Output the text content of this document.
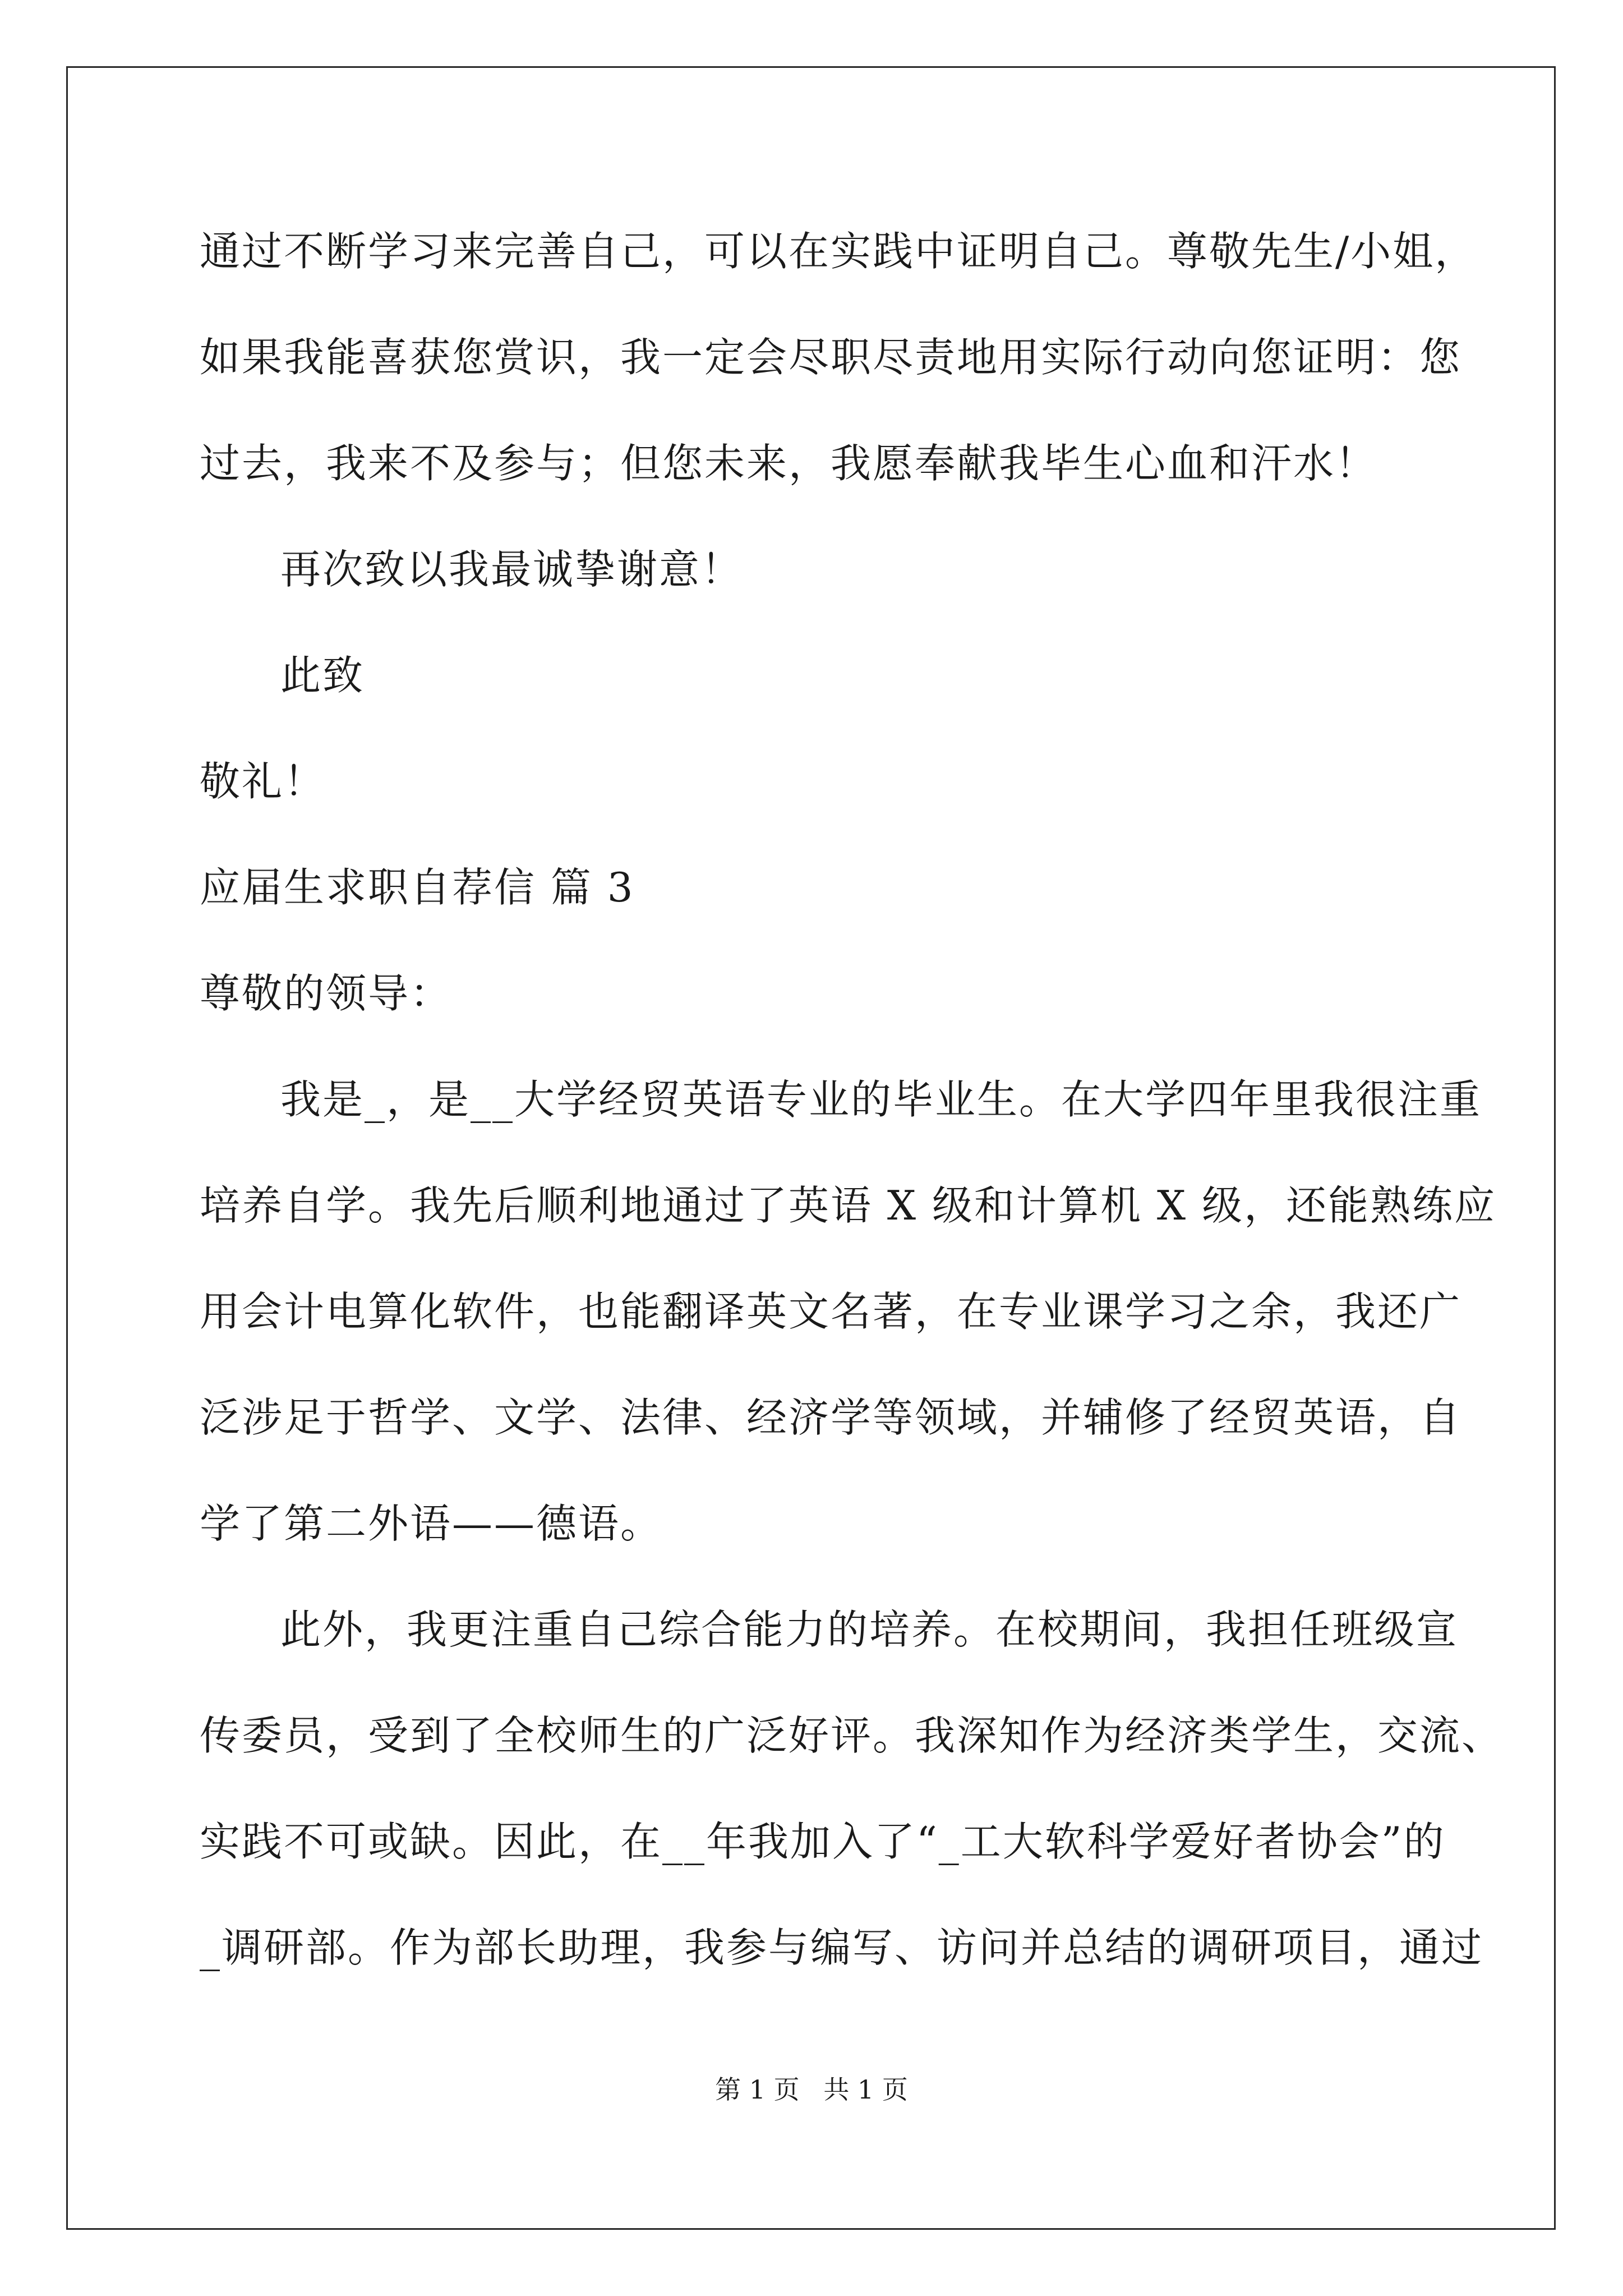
通过不断学习来完善自己，可以在实践中证明自己。尊敬先生/小姐，
如果我能喜获您赏识，我一定会尽职尽责地用实际行动向您证明：您
过去，我来不及参与；但您未来，我愿奉献我毕生心血和汗水！
再次致以我最诚挚谢意！
此致
敬礼！
应届生求职自荐信 篇 3
尊敬的领导：
我是_，是__大学经贸英语专业的毕业生。在大学四年里我很注重
培养自学。我先后顺利地通过了英语 X 级和计算机 X 级，还能熟练应
用会计电算化软件，也能翻译英文名著，在专业课学习之余，我还广
泛涉足于哲学、文学、法律、经济学等领域，并辅修了经贸英语，自
学了第二外语——德语。
此外，我更注重自己综合能力的培养。在校期间，我担任班级宣
传委员，受到了全校师生的广泛好评。我深知作为经济类学生，交流、
实践不可或缺。因此，在__年我加入了“_工大软科学爱好者协会”的
_调研部。作为部长助理，我参与编写、访问并总结的调研项目，通过
第 1 页 共 1 页
